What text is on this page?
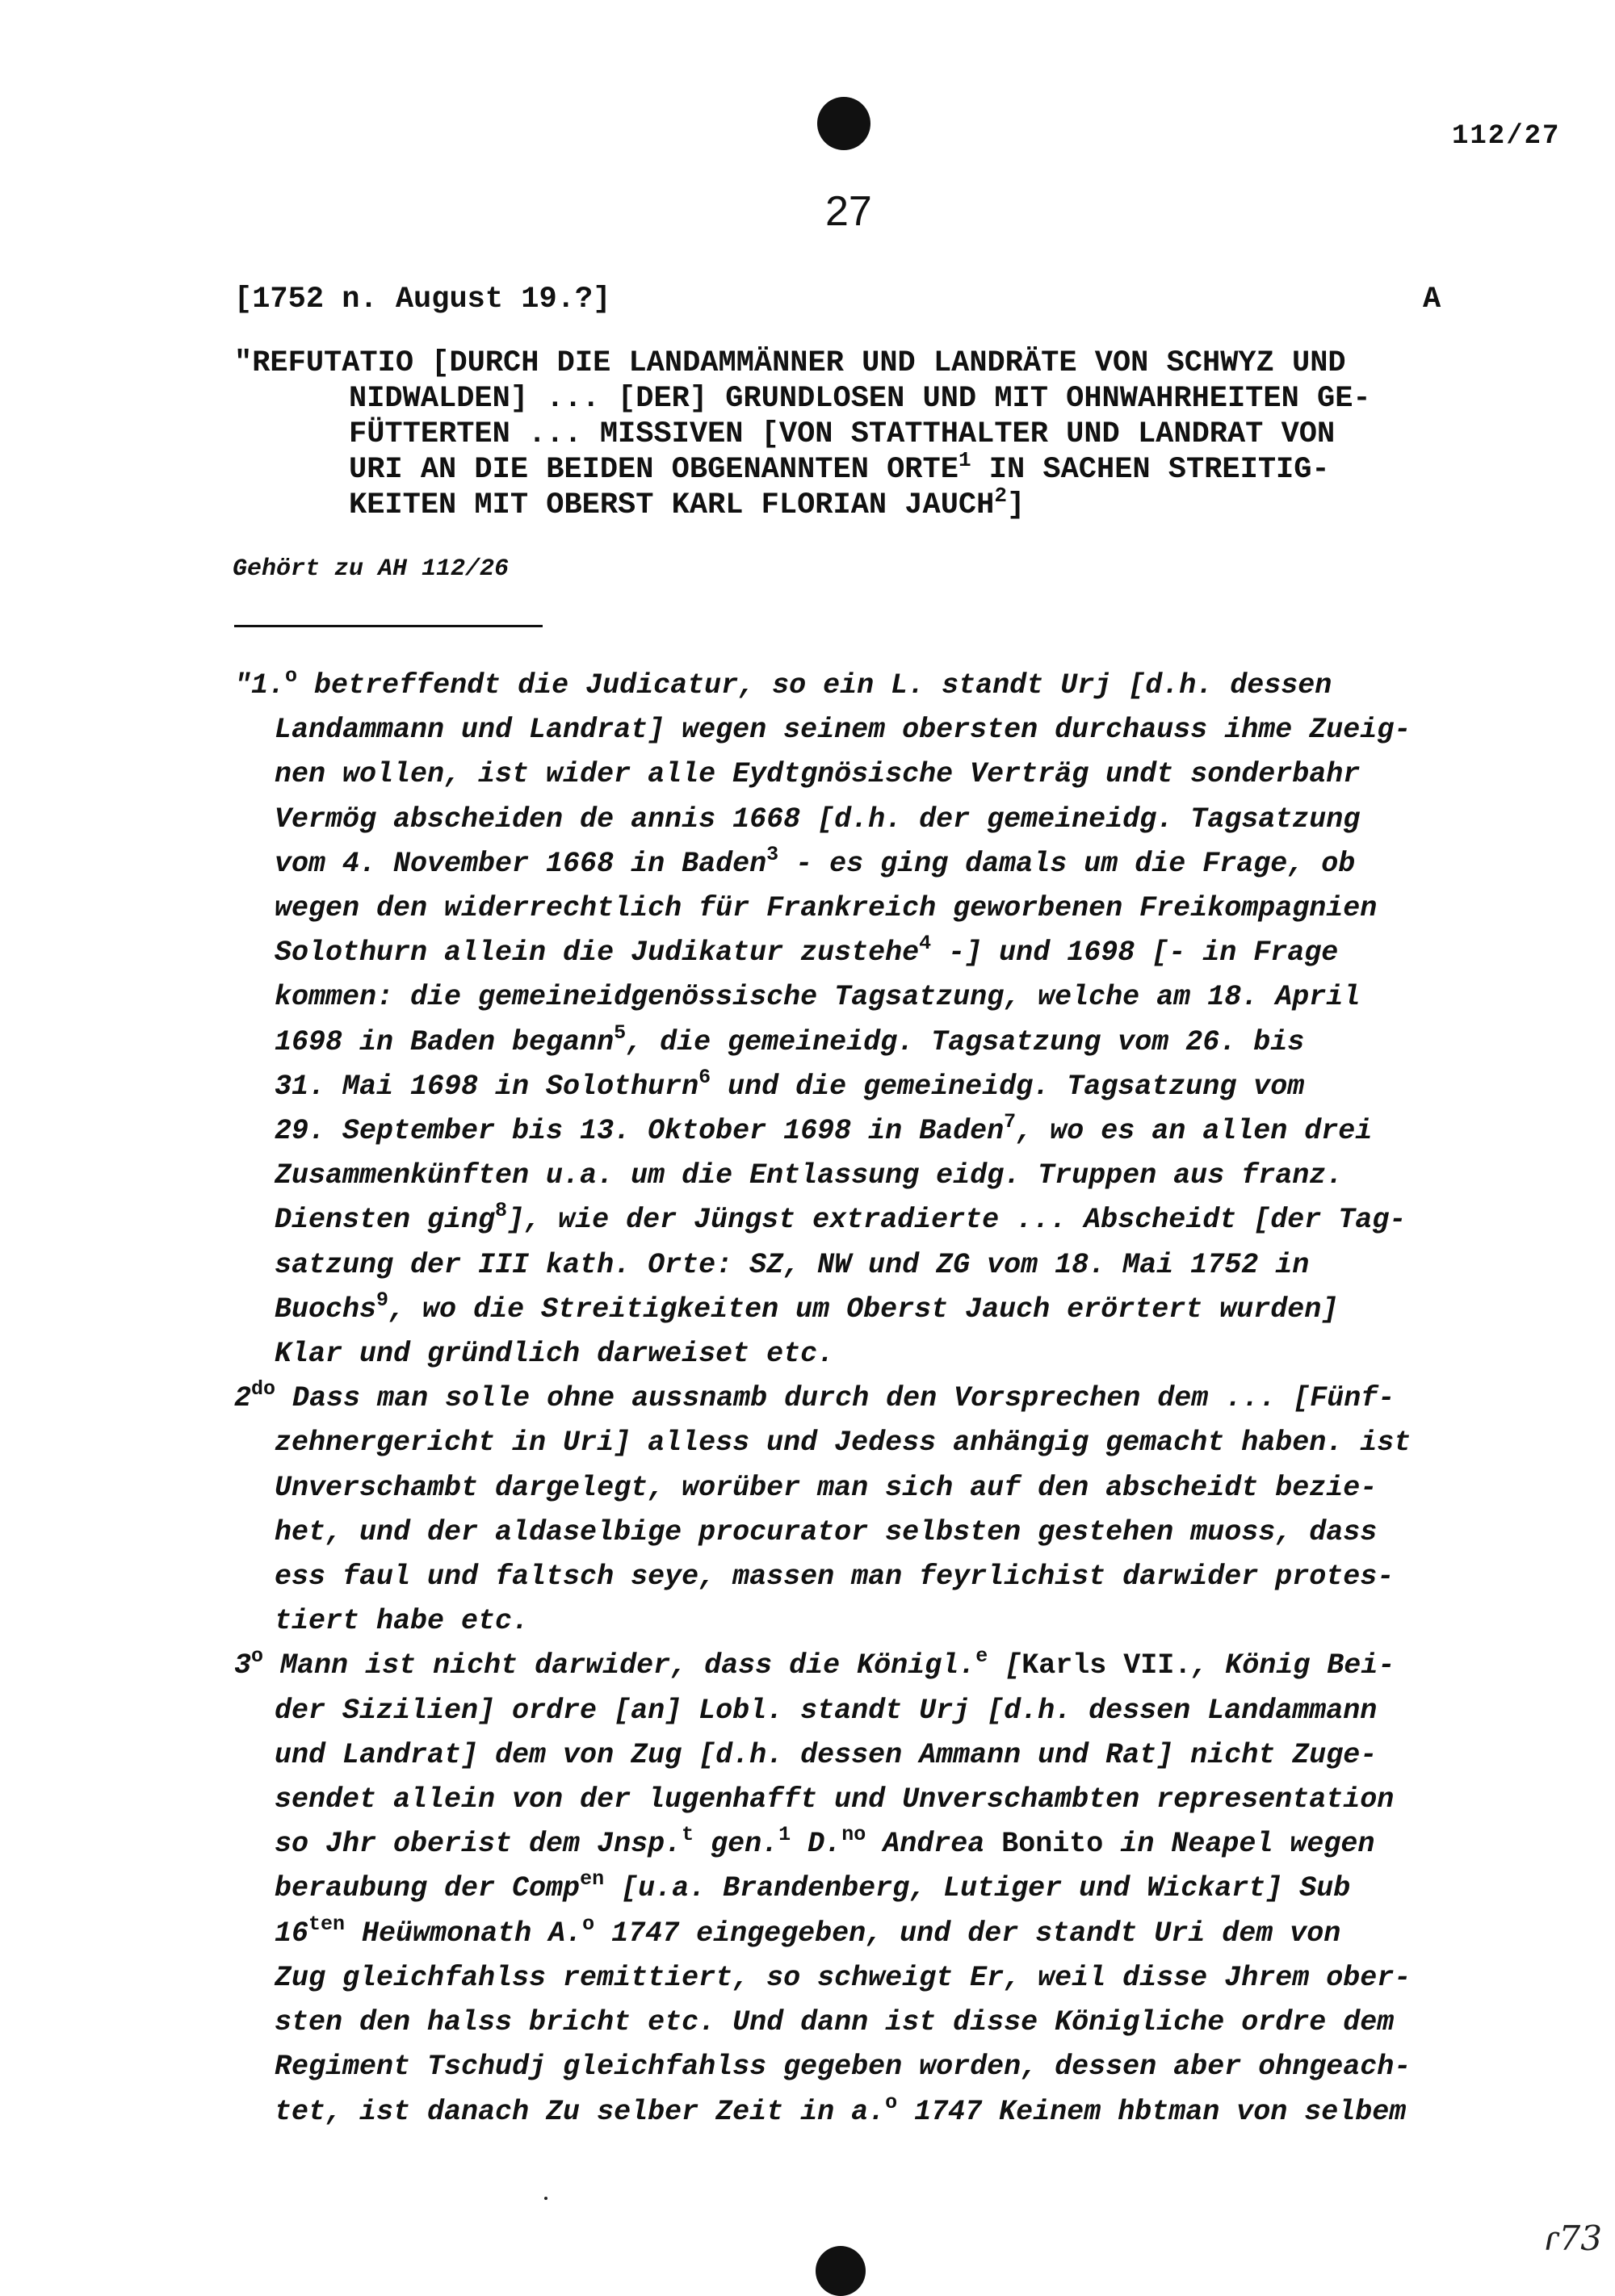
112/27
27
[1752 n. August 19.?]	A
"REFUTATIO [DURCH DIE LANDAMMÄNNER UND LANDRÄTE VON SCHWYZ UND
NIDWALDEN] ... [DER] GRUNDLOSEN UND MIT OHNWAHRHEITEN GE-
FÜTTERTEN ... MISSIVEN [VON STATTHALTER UND LANDRAT VON
URI AN DIE BEIDEN OBGENANNTEN ORTE$^1$ IN SACHEN STREITIG-
KEITEN MIT OBERST KARL FLORIAN JAUCH$^2$]
Gehört zu AH 112/26
"1.$^o$ betreffendt die Judicatur, so ein L. standt Urj [d.h. dessen
Landammann und Landrat] wegen seinem obersten durchauss ihme Zueig-
nen wollen, ist wider alle Eydtgnösische Verträg undt sonderbahr
Vermög abscheiden de annis 1668 [d.h. der gemeineidg. Tagsatzung
vom 4. November 1668 in Baden$^3$ - es ging damals um die Frage, ob
wegen den widerrechtlich für Frankreich geworbenen Freikompagnien
Solothurn allein die Judikatur zustehe$^4$ -] und 1698 [- in Frage
kommen: die gemeineidgenössische Tagsatzung, welche am 18. April
1698 in Baden begann$^5$, die gemeineidg. Tagsatzung vom 26. bis
31. Mai 1698 in Solothurn$^6$ und die gemeineidg. Tagsatzung vom
29. September bis 13. Oktober 1698 in Baden$^7$, wo es an allen drei
Zusammenkünften u.a. um die Entlassung eidg. Truppen aus franz.
Diensten ging$^8$], wie der Jüngst extradierte ... Abscheidt [der Tag-
satzung der III kath. Orte: SZ, NW und ZG vom 18. Mai 1752 in
Buochs$^9$, wo die Streitigkeiten um Oberst Jauch erörtert wurden]
Klar und gründlich darweiset etc.
$2^{do}$ Dass man solle ohne aussnamb durch den Vorsprechen dem ... [Fünf-
zehnergericht in Uri] alless und Jedess anhängig gemacht haben. ist
Unverschambt dargelegt, worüber man sich auf den abscheidt bezie-
het, und der aldaselbige procurator selbsten gestehen muoss, dass
ess faul und faltsch seye, massen man feyrlichist darwider protes-
tiert habe etc.
3$^o$ Mann ist nicht darwider, dass die Königl.$^e$ [Karls VII., König Bei-
der Sizilien] ordre [an] Lobl. standt Urj [d.h. dessen Landammann
und Landrat] dem von Zug [d.h. dessen Ammann und Rat] nicht Zuge-
sendet allein von der lugenhafft und Unverschambten representation
so Jhr oberist dem Jnsp.$^t$ gen.$^1$ D.$^{no}$ Andrea Bonito in Neapel wegen
beraubung der Comp$^{en}$ [u.a. Brandenberg, Lutiger und Wickart] Sub
$16^{ten}$ Heüwmonath A.$^o$ 1747 eingegeben, und der standt Uri dem von
Zug gleichfahlss remittiert, so schweigt Er, weil disse Jhrem ober-
sten den halss bricht etc. Und dann ist disse Königliche ordre dem
Regiment Tschudj gleichfahlss gegeben worden, dessen aber ohngeach-
tet, ist danach Zu selber Zeit in a.$^o$ 1747 Keinem hbtman von selbem
ɾ73
